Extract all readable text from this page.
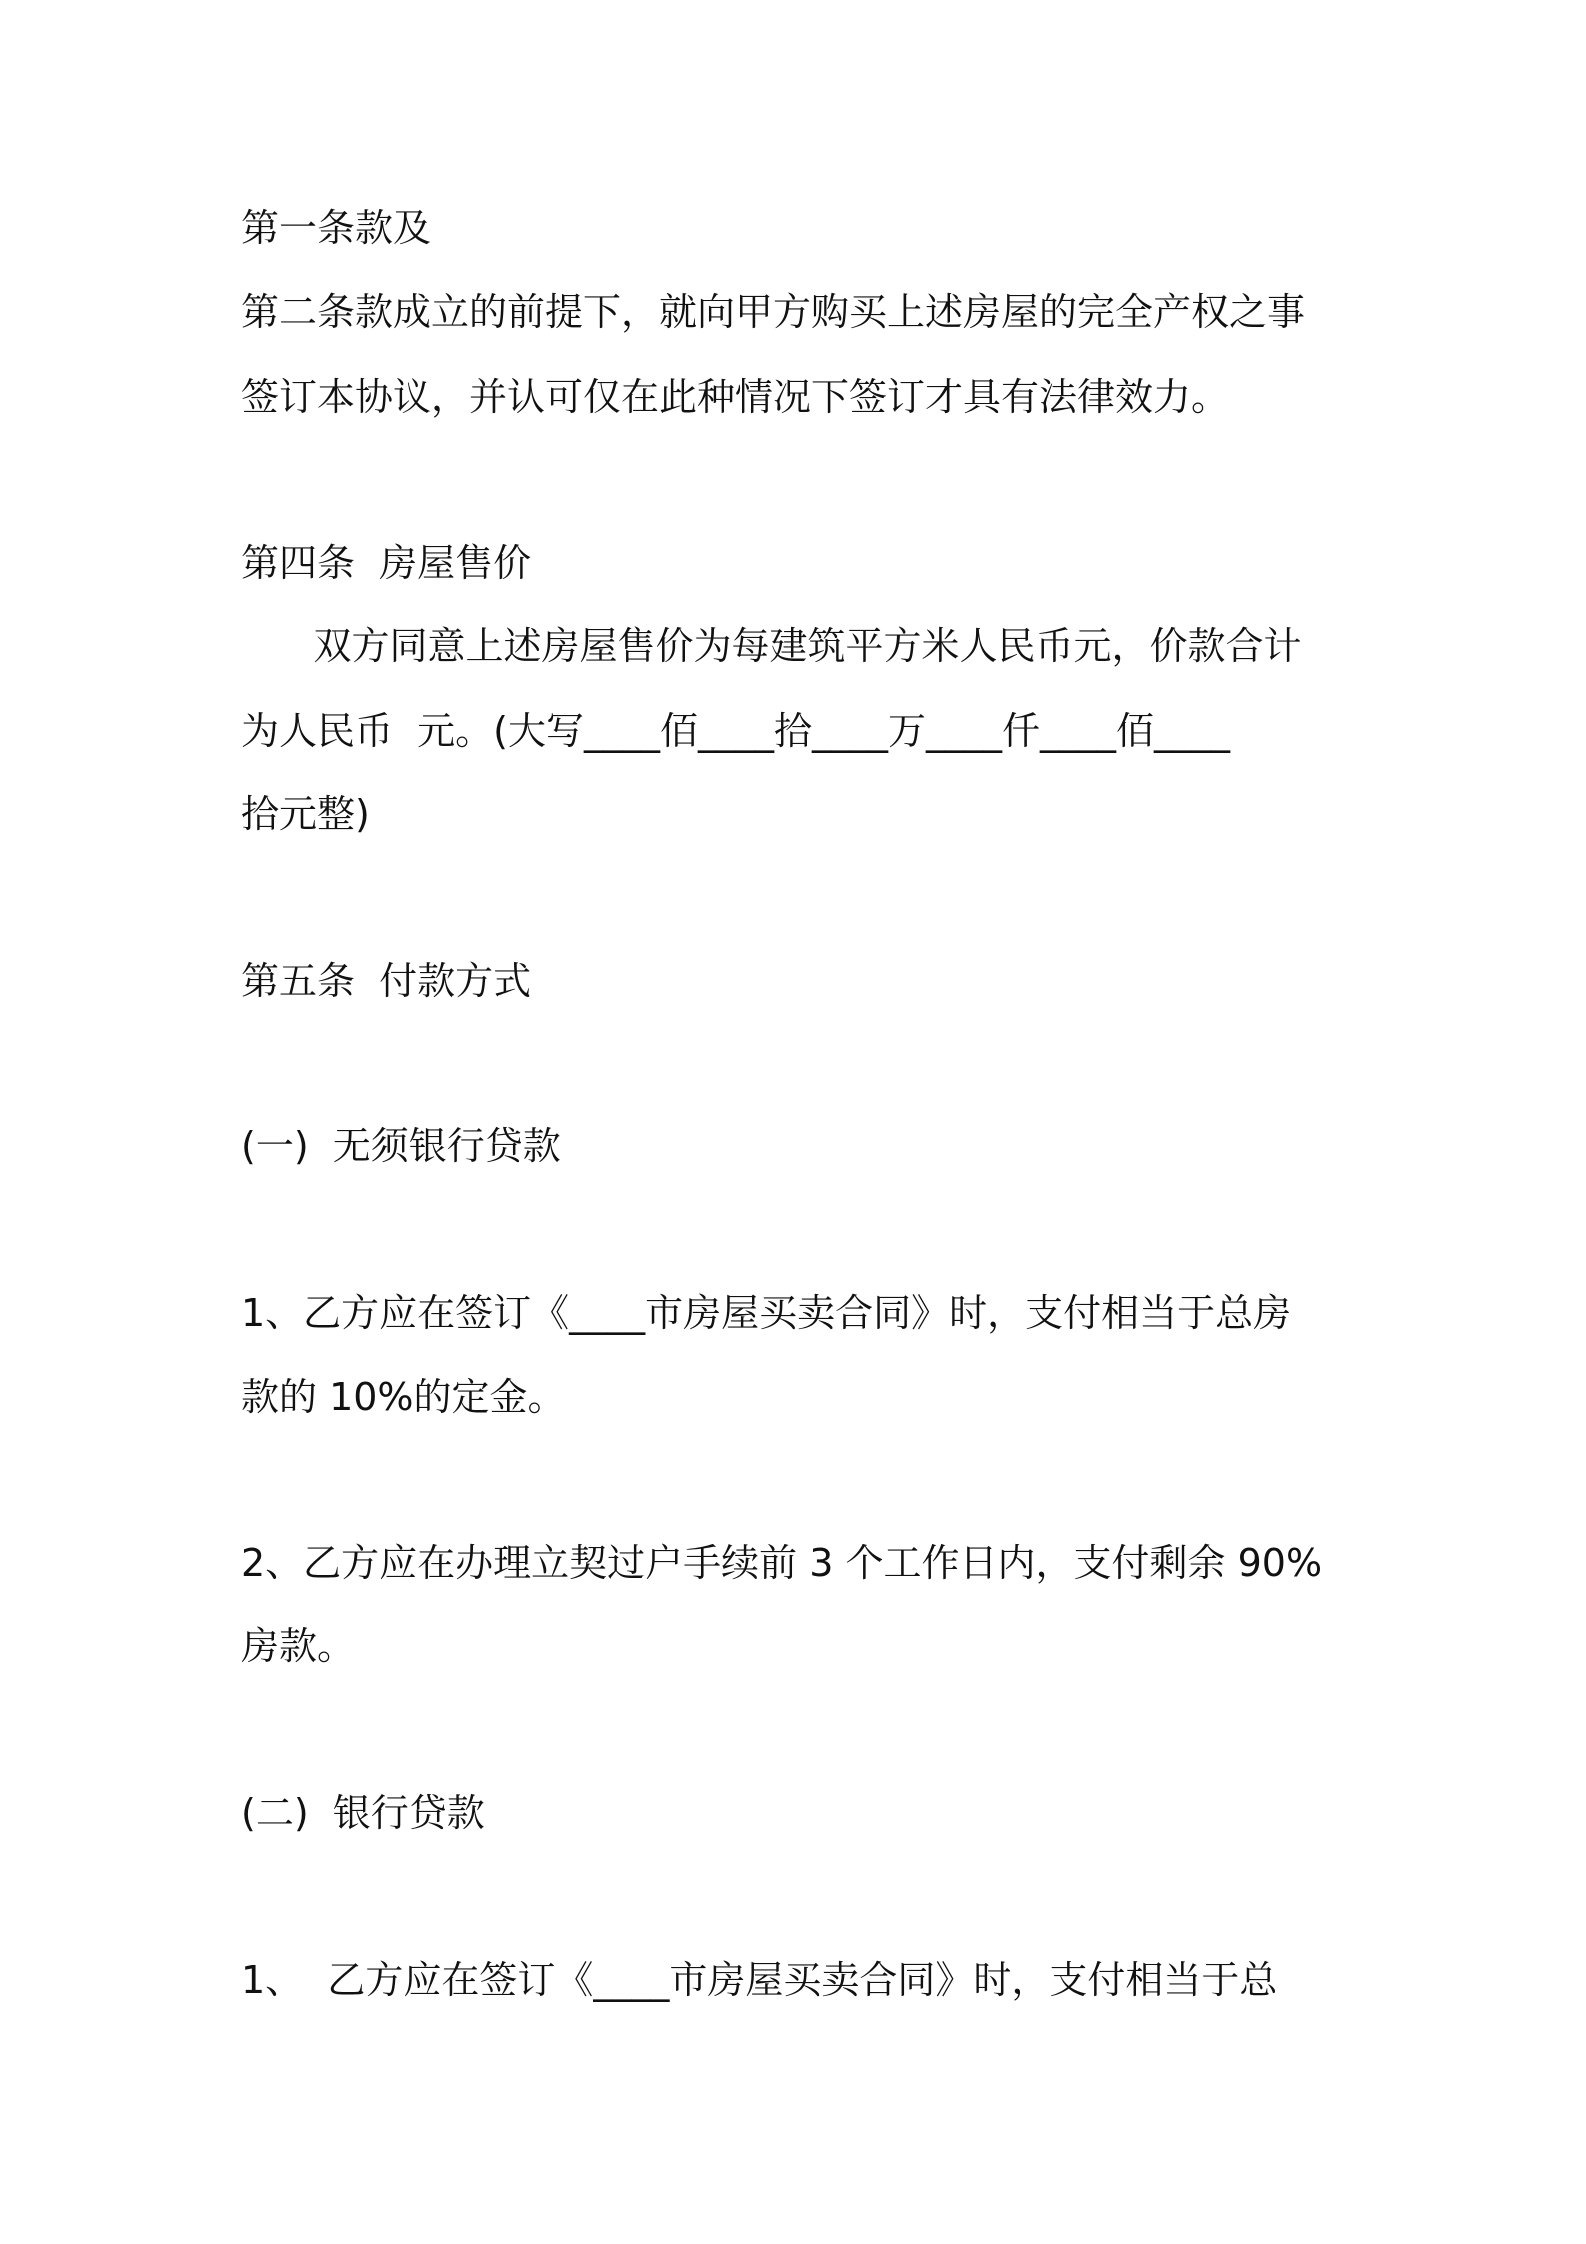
第一条款及
第二条款成立的前提下，就向甲方购买上述房屋的完全产权之事
签订本协议，并认可仅在此种情况下签订才具有法律效力。
第四条  房屋售价
双方同意上述房屋售价为每建筑平方米人民币元，价款合计
为人民币  元。(大写____佰____拾____万____仟____佰____
拾元整)
第五条  付款方式
(一)  无须银行贷款
1、乙方应在签订《____市房屋买卖合同》时，支付相当于总房
款的 10%的定金。
2、乙方应在办理立契过户手续前 3 个工作日内，支付剩余 90%
房款。
(二)  银行贷款
1、  乙方应在签订《____市房屋买卖合同》时，支付相当于总
